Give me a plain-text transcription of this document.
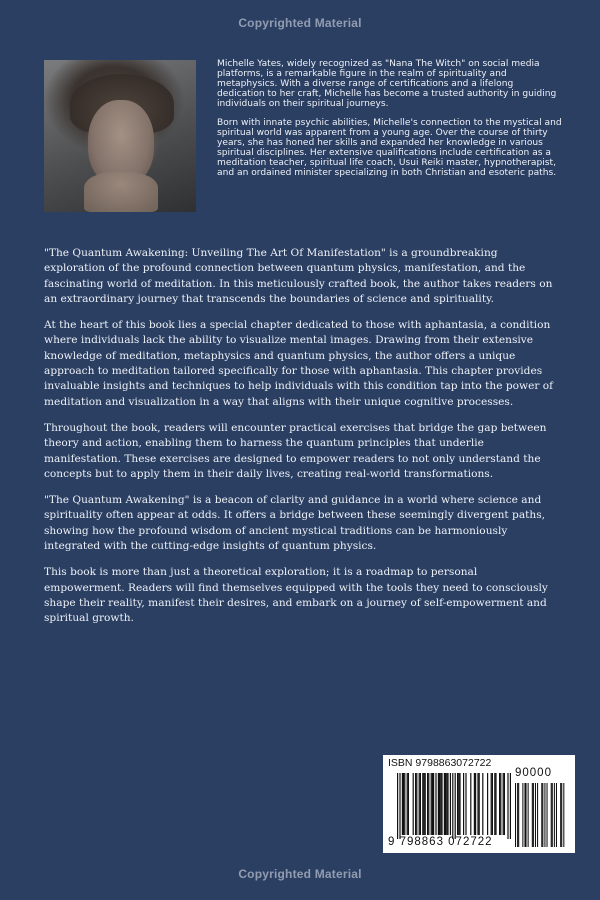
Copyrighted Material

Michelle Yates, widely recognized as "Nana The Witch" on social media platforms, is a remarkable figure in the realm of spirituality and metaphysics. With a diverse range of certifications and a lifelong dedication to her craft, Michelle has become a trusted authority in guiding individuals on their spiritual journeys.

Born with innate psychic abilities, Michelle's connection to the mystical and spiritual world was apparent from a young age. Over the course of thirty years, she has honed her skills and expanded her knowledge in various spiritual disciplines. Her extensive qualifications include certification as a meditation teacher, spiritual life coach, Usui Reiki master, hypnotherapist, and an ordained minister specializing in both Christian and esoteric paths.

"The Quantum Awakening: Unveiling The Art Of Manifestation" is a groundbreaking exploration of the profound connection between quantum physics, manifestation, and the fascinating world of meditation. In this meticulously crafted book, the author takes readers on an extraordinary journey that transcends the boundaries of science and spirituality.

At the heart of this book lies a special chapter dedicated to those with aphantasia, a condition where individuals lack the ability to visualize mental images. Drawing from their extensive knowledge of meditation, metaphysics and quantum physics, the author offers a unique approach to meditation tailored specifically for those with aphantasia. This chapter provides invaluable insights and techniques to help individuals with this condition tap into the power of meditation and visualization in a way that aligns with their unique cognitive processes.

Throughout the book, readers will encounter practical exercises that bridge the gap between theory and action, enabling them to harness the quantum principles that underlie manifestation. These exercises are designed to empower readers to not only understand the concepts but to apply them in their daily lives, creating real-world transformations.

"The Quantum Awakening" is a beacon of clarity and guidance in a world where science and spirituality often appear at odds. It offers a bridge between these seemingly divergent paths, showing how the profound wisdom of ancient mystical traditions can be harmoniously integrated with the cutting-edge insights of quantum physics.

This book is more than just a theoretical exploration; it is a roadmap to personal empowerment. Readers will find themselves equipped with the tools they need to consciously shape their reality, manifest their desires, and embark on a journey of self-empowerment and spiritual growth.

ISBN 9798863072722
90000
9 798863 072722
Copyrighted Material
